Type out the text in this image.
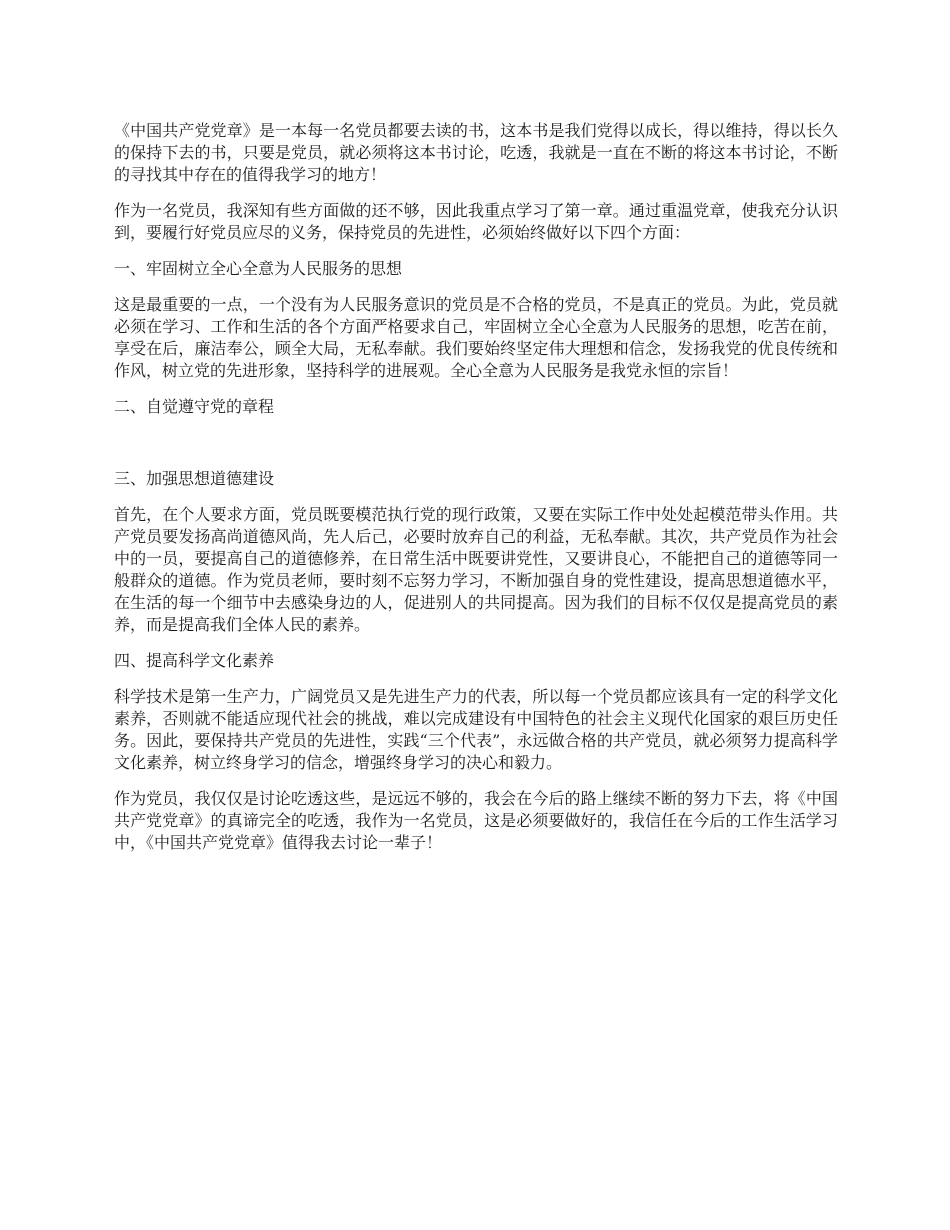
《中国共产党党章》是一本每一名党员都要去读的书，这本书是我们党得以成长，得以维持，得以长久的保持下去的书，只要是党员，就必须将这本书讨论，吃透，我就是一直在不断的将这本书讨论，不断的寻找其中存在的值得我学习的地方！

作为一名党员，我深知有些方面做的还不够，因此我重点学习了第一章。通过重温党章，使我充分认识到，要履行好党员应尽的义务，保持党员的先进性，必须始终做好以下四个方面：

一、牢固树立全心全意为人民服务的思想

这是最重要的一点，一个没有为人民服务意识的党员是不合格的党员，不是真正的党员。为此，党员就必须在学习、工作和生活的各个方面严格要求自己，牢固树立全心全意为人民服务的思想，吃苦在前，享受在后，廉洁奉公，顾全大局，无私奉献。我们要始终坚定伟大理想和信念，发扬我党的优良传统和作风，树立党的先进形象，坚持科学的进展观。全心全意为人民服务是我党永恒的宗旨！

二、自觉遵守党的章程

三、加强思想道德建设

首先，在个人要求方面，党员既要模范执行党的现行政策，又要在实际工作中处处起模范带头作用。共产党员要发扬高尚道德风尚，先人后己，必要时放弃自己的利益，无私奉献。其次，共产党员作为社会中的一员，要提高自己的道德修养，在日常生活中既要讲党性，又要讲良心，不能把自己的道德等同一般群众的道德。作为党员老师，要时刻不忘努力学习，不断加强自身的党性建设，提高思想道德水平，在生活的每一个细节中去感染身边的人，促进别人的共同提高。因为我们的目标不仅仅是提高党员的素养，而是提高我们全体人民的素养。

四、提高科学文化素养

科学技术是第一生产力，广阔党员又是先进生产力的代表，所以每一个党员都应该具有一定的科学文化素养，否则就不能适应现代社会的挑战，难以完成建设有中国特色的社会主义现代化国家的艰巨历史任务。因此，要保持共产党员的先进性，实践“三个代表”，永远做合格的共产党员，就必须努力提高科学文化素养，树立终身学习的信念，增强终身学习的决心和毅力。

作为党员，我仅仅是讨论吃透这些，是远远不够的，我会在今后的路上继续不断的努力下去，将《中国共产党党章》的真谛完全的吃透，我作为一名党员，这是必须要做好的，我信任在今后的工作生活学习中，《中国共产党党章》值得我去讨论一辈子！
